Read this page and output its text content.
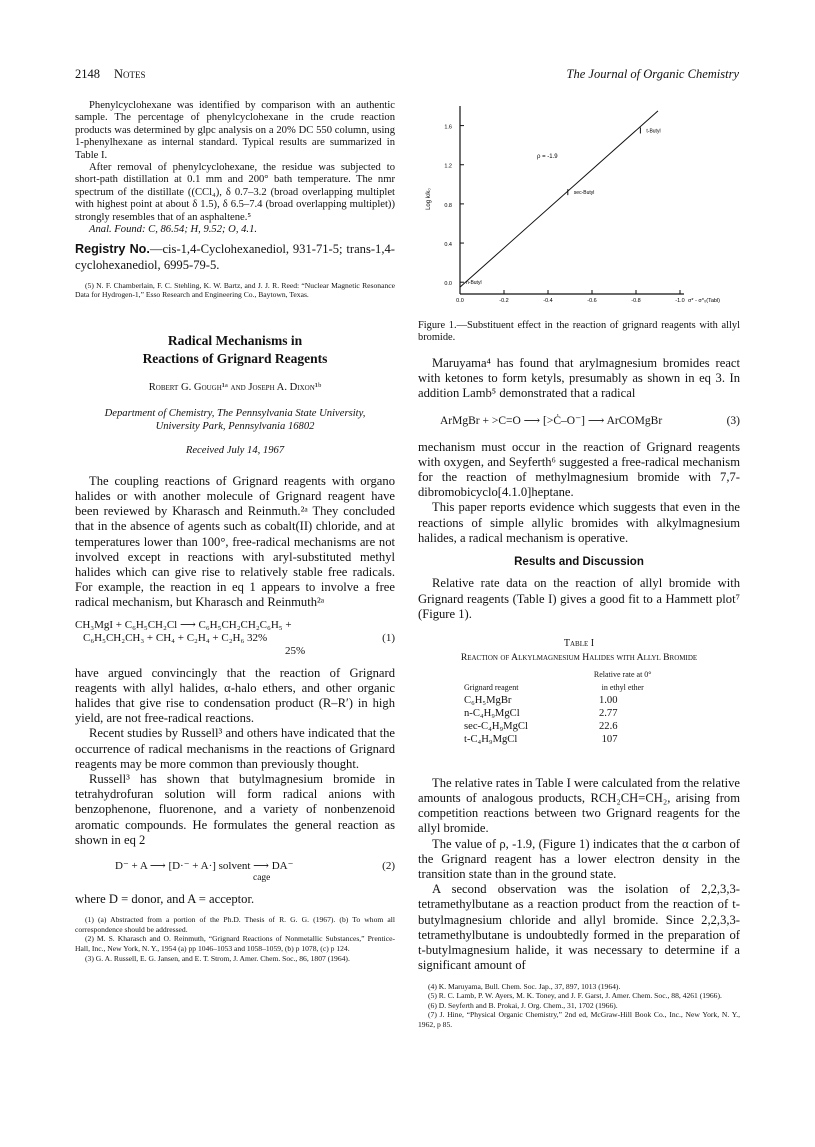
2148 Notes	The Journal of Organic Chemistry

Phenylcyclohexane was identified by comparison with an authentic sample. The percentage of phenylcyclohexane in the crude reaction products was determined by glpc analysis on a 20% DC 550 column, using 1-phenylhexane as internal standard. Typical results are summarized in Table I.

After removal of phenylcyclohexane, the residue was subjected to short-path distillation at 0.1 mm and 200° bath temperature. The nmr spectrum of the distillate ((CCl₄), δ 0.7–3.2 (broad overlapping multiplet with highest point at about δ 1.5), δ 6.5–7.4 (broad overlapping multiplet)) strongly resembles that of an asphaltene.⁵

Anal. Found: C, 86.54; H, 9.52; O, 4.1.

Registry No.—cis-1,4-Cyclohexanediol, 931-71-5; trans-1,4-cyclohexanediol, 6995-79-5.

(5) N. F. Chamberlain, F. C. Stehling, K. W. Bartz, and J. J. R. Reed: “Nuclear Magnetic Resonance Data for Hydrogen-1,” Esso Research and Engineering Co., Baytown, Texas.

Radical Mechanisms in
Reactions of Grignard Reagents
Robert G. Gough¹ᵃ and Joseph A. Dixon¹ᵇ
Department of Chemistry, The Pennsylvania State University,
University Park, Pennsylvania 16802
Received July 14, 1967

The coupling reactions of Grignard reagents with organo halides or with another molecule of Grignard reagent have been reviewed by Kharasch and Reinmuth.²ᵃ They concluded that in the absence of agents such as cobalt(II) chloride, and at temperatures lower than 100°, free-radical mechanisms are not involved except in reactions with aryl-substituted methyl halides which can give rise to relatively stable free radicals. For example, the reaction in eq 1 appears to involve a free radical mechanism, but Kharasch and Reinmuth²ᵃ

CH₃MgI + C₆H₅CH₂Cl ⟶ C₆H₅CH₂CH₂C₆H₅ +
C₆H₅CH₂CH₃ + CH₄ + C₂H₄ + C₂H₆ 32%	(1)
25%

have argued convincingly that the reaction of Grignard reagents with allyl halides, α-halo ethers, and other organic halides that give rise to condensation product (R–R′) in high yield, are not free-radical reactions.

Recent studies by Russell³ and others have indicated that the occurrence of radical mechanisms in the reactions of Grignard reagents may be more common than previously thought.

Russell³ has shown that butylmagnesium bromide in tetrahydrofuran solution will form radical anions with benzophenone, fluorenone, and a variety of nonbenzenoid aromatic compounds. He formulates the general reaction as shown in eq 2

D⁻ + A ⟶ [D·⁻ + A·] solvent ⟶ DA⁻
cage
(2)

where D = donor, and A = acceptor.

(1) (a) Abstracted from a portion of the Ph.D. Thesis of R. G. G. (1967). (b) To whom all correspondence should be addressed.

(2) M. S. Kharasch and O. Reinmuth, “Grignard Reactions of Nonmetallic Substances,” Prentice-Hall, Inc., New York, N. Y., 1954 (a) pp 1046–1053 and 1058–1059, (b) p 1078, (c) p 124.

(3) G. A. Russell, E. G. Jansen, and E. T. Strom, J. Amer. Chem. Soc., 86, 1807 (1964).

0.0
0.4
0.8
1.2
1.6
0.0	-0.2	-0.4	-0.6	-0.8	-1.0
n-Butyl
sec-Butyl
t-Butyl
ρ = -1.9
Log k/k₀
σ* - σ*₀(Tabl)

Figure 1.—Substituent effect in the reaction of grignard reagents with allyl bromide.

Maruyama⁴ has found that arylmagnesium bromides react with ketones to form ketyls, presumably as shown in eq 3. In addition Lamb⁵ demonstrated that a radical

ArMgBr + >C=O ⟶ [>Ċ–O⁻] ⟶ ArCOMgBr	(3)

mechanism must occur in the reaction of Grignard reagents with oxygen, and Seyferth⁶ suggested a free-radical mechanism for the reaction of methylmagnesium bromide with 7,7-dibromobicyclo[4.1.0]heptane.

This paper reports evidence which suggests that even in the reactions of simple allylic bromides with alkylmagnesium halides, a radical mechanism is operative.

Results and Discussion

Relative rate data on the reaction of allyl bromide with Grignard reagents (Table I) gives a good fit to a Hammett plot⁷ (Figure 1).

Table I
Reaction of Alkylmagnesium Halides with Allyl Bromide
Grignard reagent	Relative rate at 0°
in ethyl ether

C₆H₅MgBr	1.00
n-C₄H₉MgCl	2.77
sec-C₄H₉MgCl	22.6
t-C₄H₉MgCl	107

The relative rates in Table I were calculated from the relative amounts of analogous products, RCH₂CH=CH₂, arising from competition reactions between two Grignard reagents for the allyl bromide.

The value of ρ, -1.9, (Figure 1) indicates that the α carbon of the Grignard reagent has a lower electron density in the transition state than in the ground state.

A second observation was the isolation of 2,2,3,3-tetramethylbutane as a reaction product from the reaction of t-butylmagnesium chloride and allyl bromide. Since 2,2,3,3-tetramethylbutane is undoubtedly formed in the preparation of t-butylmagnesium halide, it was necessary to determine if a significant amount of

(4) K. Maruyama, Bull. Chem. Soc. Jap., 37, 897, 1013 (1964).

(5) R. C. Lamb, P. W. Ayers, M. K. Toney, and J. F. Garst, J. Amer. Chem. Soc., 88, 4261 (1966).

(6) D. Seyferth and B. Prokai, J. Org. Chem., 31, 1702 (1966).

(7) J. Hine, “Physical Organic Chemistry,” 2nd ed, McGraw-Hill Book Co., Inc., New York, N. Y., 1962, p 85.
